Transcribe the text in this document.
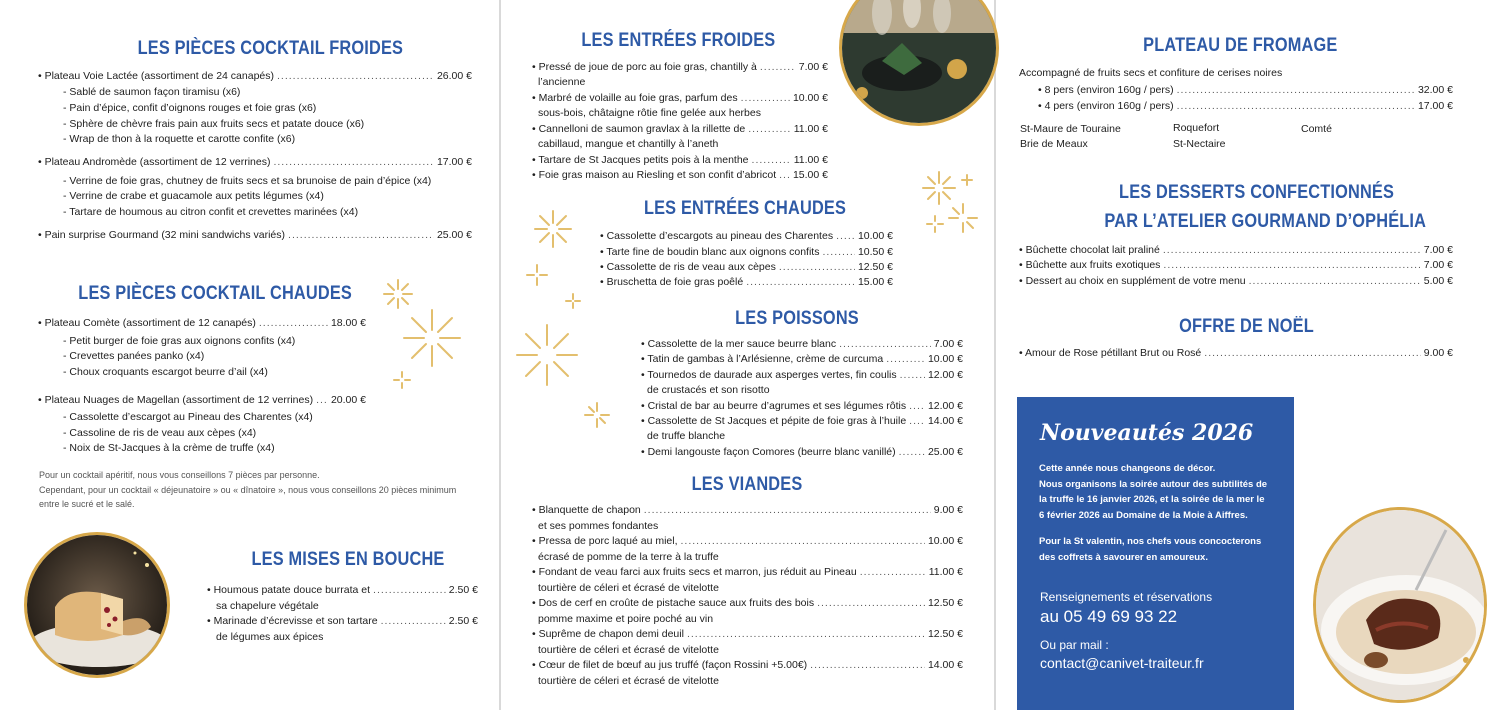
LES PIÈCES COCKTAIL FROIDES
• Plateau Voie Lactée (assortiment de 24 canapés) .....	26.00 €
- Sablé de saumon façon tiramisu (x6)
- Pain d’épice, confit d’oignons rouges et foie gras (x6)
- Sphère de chèvre frais pain aux fruits secs et patate douce (x6)
- Wrap de thon à la roquette et carotte confite (x6)
• Plateau Andromède (assortiment de 12 verrines) .....	17.00 €
- Verrine de foie gras, chutney de fruits secs et sa brunoise de pain d’épice (x4)
- Verrine de crabe et guacamole aux petits légumes (x4)
- Tartare de houmous au citron confit et crevettes marinées (x4)
• Pain surprise Gourmand (32 mini sandwichs variés) .....	25.00 €
LES PIÈCES COCKTAIL CHAUDES
• Plateau Comète (assortiment de 12 canapés) .....	18.00 €
- Petit burger de foie gras aux oignons confits (x4)
- Crevettes panées panko (x4)
- Choux croquants escargot beurre d’ail (x4)
• Plateau Nuages de Magellan (assortiment de 12 verrines) ..... 20.00 €
- Cassolette d’escargot au Pineau des Charentes (x4)
- Cassoline de ris de veau aux cèpes (x4)
- Noix de St-Jacques à la crème de truffe (x4)
Pour un cocktail apéritif, nous vous conseillons 7 pièces par personne.
Cependant, pour un cocktail « déjeunatoire » ou « dînatoire », nous vous conseillons 20 pièces minimum
entre le sucré et le salé.
LES MISES EN BOUCHE
• Houmous patate douce burrata et .....	2.50 €
sa chapelure végétale
• Marinade d’écrevisse et son tartare .....	2.50 €
de légumes aux épices
LES ENTRÉES FROIDES
• Pressé de joue de porc au foie gras, chantilly à .....	7.00 €
l’ancienne
• Marbré de volaille au foie gras, parfum des .....	10.00 €
sous-bois, châtaigne rôtie fine gelée aux herbes
• Cannelloni de saumon gravlax à la rillette de .....	11.00 €
cabillaud, mangue et chantilly à l’aneth
• Tartare de St Jacques petits pois à la menthe .....	11.00 €
• Foie gras maison au Riesling et son confit d’abricot ..... 15.00 €
LES ENTRÉES CHAUDES
• Cassolette d’escargots au pineau des Charentes ..... 10.00 €
• Tarte fine de boudin blanc aux oignons confits .....	10.50 €
• Cassolette de ris de veau aux cèpes .....	12.50 €
• Bruschetta de foie gras poêlé .....	15.00 €
LES POISSONS
• Cassolette de la mer sauce beurre blanc .....	7.00 €
• Tatin de gambas à l’Arlésienne, crème de curcuma .....	10.00 €
• Tournedos de daurade aux asperges vertes, fin coulis .....	12.00 €
de crustacés et son risotto
• Cristal de bar au beurre d’agrumes et ses légumes rôtis ..... 12.00 €
• Cassolette de St Jacques et pépite de foie gras à l’huile ..... 14.00 €
de truffe blanche
• Demi langouste façon Comores (beurre blanc vanillé) .....	25.00 €
LES VIANDES
• Blanquette de chapon .....	9.00 €
et ses pommes fondantes
• Pressa de porc laqué au miel, .....	10.00 €
écrasé de pomme de la terre à la truffe
• Fondant de veau farci aux fruits secs et marron, jus réduit au Pineau .....	11.00 €
tourtière de céleri et écrasé de vitelotte
• Dos de cerf en croûte de pistache sauce aux fruits des bois .....	12.50 €
pomme maxime et poire poché au vin
• Suprême de chapon demi deuil .....	12.50 €
tourtière de céleri et écrasé de vitelotte
• Cœur de filet de bœuf au jus truffé (façon Rossini +5.00€) .....	14.00 €
tourtière de céleri et écrasé de vitelotte
PLATEAU DE FROMAGE
Accompagné de fruits secs et confiture de cerises noires
• 8 pers (environ 160g / pers) .....	32.00 €
• 4 pers (environ 160g / pers) .....	17.00 €
St-Maure de Touraine	Roquefort	Comté
Brie de Meaux	St-Nectaire
LES DESSERTS CONFECTIONNÉS
PAR L’ATELIER GOURMAND D’OPHÉLIA
• Bûchette chocolat lait praliné .....	7.00 €
• Bûchette aux fruits exotiques .....	7.00 €
• Dessert au choix en supplément de votre menu .....	5.00 €
OFFRE DE NOËL
• Amour de Rose pétillant Brut ou Rosé .....	9.00 €
Nouveautés 2026
Cette année nous changeons de décor.
Nous organisons la soirée autour des subtilités de
la truffe le 16 janvier 2026, et la soirée de la mer le
6 février 2026 au Domaine de la Moie à Aiffres.
Pour la St valentin, nos chefs vous concocterons
des coffrets à savourer en amoureux.
Renseignements et réservations
au 05 49 69 93 22
Ou par mail :
contact@canivet-traiteur.fr
